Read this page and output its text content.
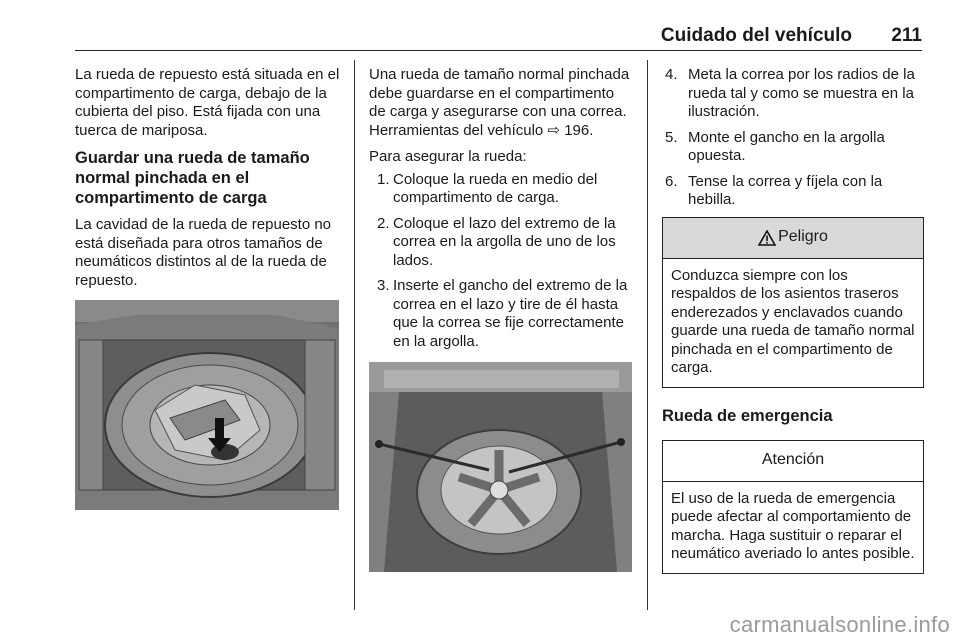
Cuidado del vehículo 211

La rueda de repuesto está situada en el compartimento de carga, debajo de la cubierta del piso. Está fijada con una tuerca de mariposa.

Guardar una rueda de tamaño normal pinchada en el compartimento de carga

La cavidad de la rueda de repuesto no está diseñada para otros tamaños de neumáticos distintos al de la rueda de repuesto.

Una rueda de tamaño normal pinchada debe guardarse en el compartimento de carga y asegurarse con una correa. Herramientas del vehículo ⇨ 196.

Para asegurar la rueda:

1. Coloque la rueda en medio del compartimento de carga.
2. Coloque el lazo del extremo de la correa en la argolla de uno de los lados.
3. Inserte el gancho del extremo de la correa en el lazo y tire de él hasta que la correa se fije correctamente en la argolla.
4. Meta la correa por los radios de la rueda tal y como se muestra en la ilustración.
5. Monte el gancho en la argolla opuesta.
6. Tense la correa y fíjela con la hebilla.
Peligro
Conduzca siempre con los respaldos de los asientos traseros enderezados y enclavados cuando guarde una rueda de tamaño normal pinchada en el compartimento de carga.
Rueda de emergencia
Atención
El uso de la rueda de emergencia puede afectar al comportamiento de marcha. Haga sustituir o reparar el neumático averiado lo antes posible.
carmanualsonline.info
